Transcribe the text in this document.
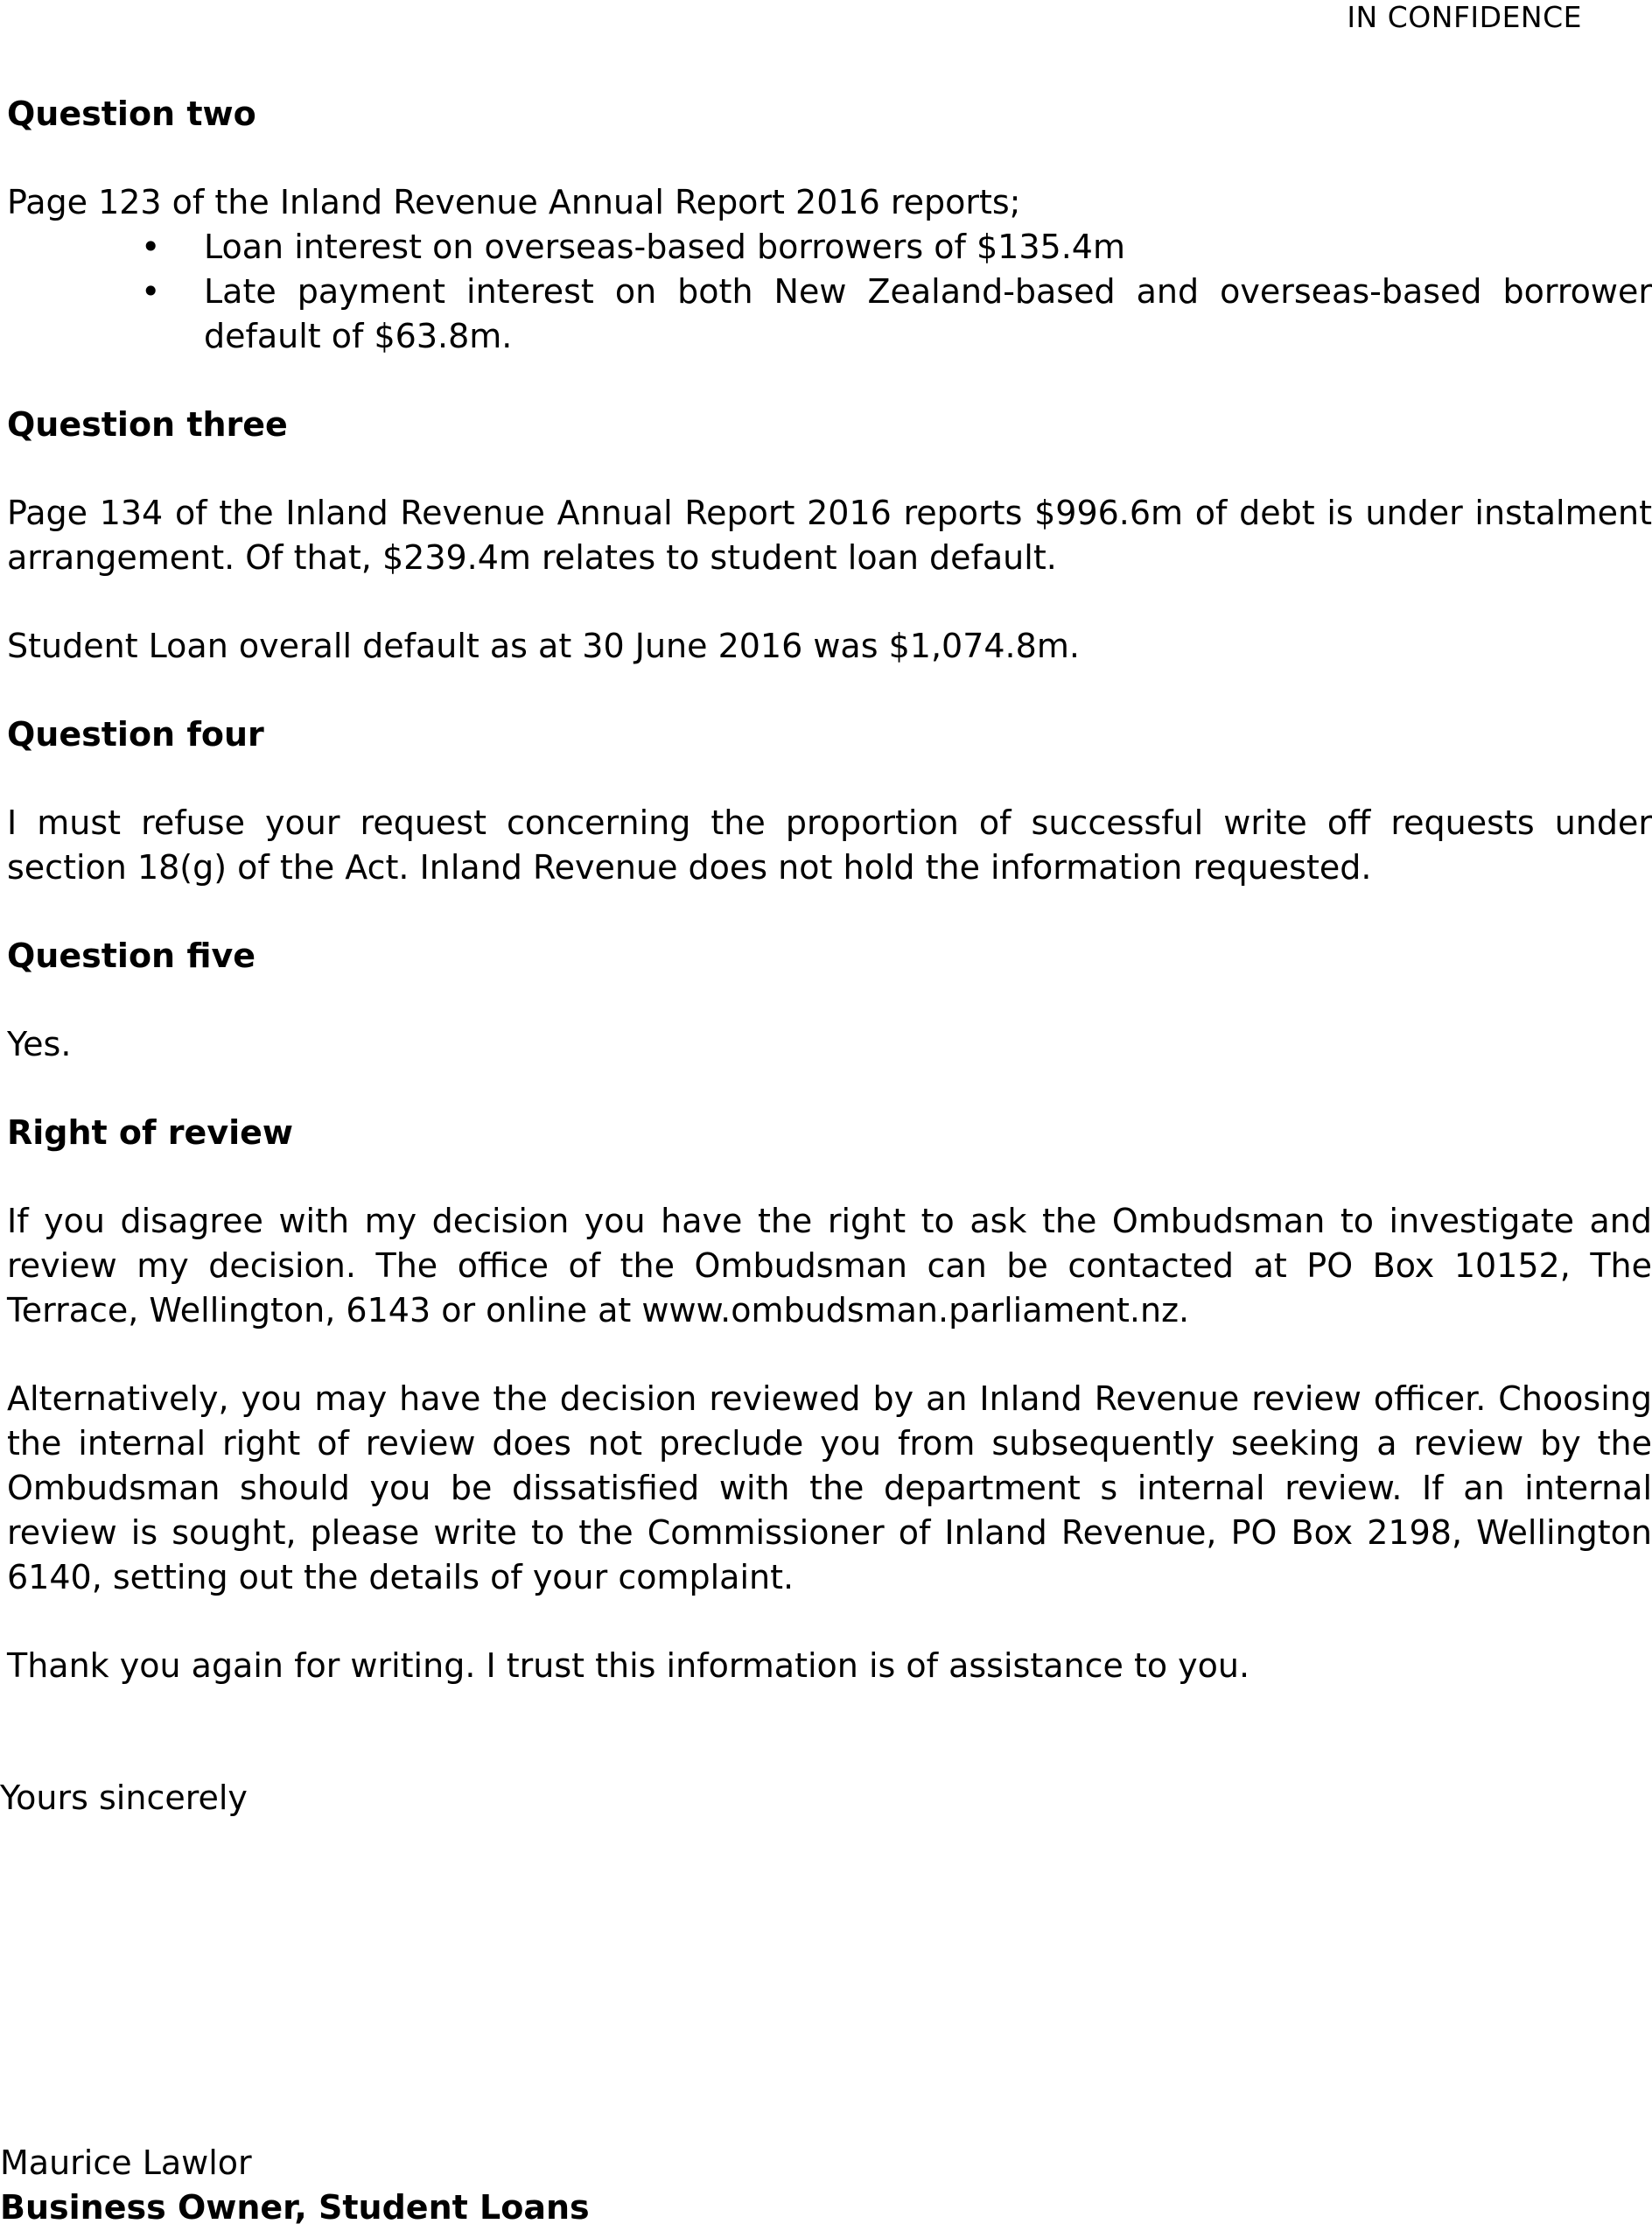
IN CONFIDENCE
Question two
Page 123 of the Inland Revenue Annual Report 2016 reports;
• Loan interest on overseas-based borrowers of $135.4m
• Late payment interest on both New Zealand-based and overseas-based borrower default of $63.8m.
Question three
Page 134 of the Inland Revenue Annual Report 2016 reports $996.6m of debt is under instalment arrangement. Of that, $239.4m relates to student loan default.
Student Loan overall default as at 30 June 2016 was $1,074.8m.
Question four
I must refuse your request concerning the proportion of successful write off requests under section 18(g) of the Act. Inland Revenue does not hold the information requested.
Question five
Yes.
Right of review
If you disagree with my decision you have the right to ask the Ombudsman to investigate and review my decision. The office of the Ombudsman can be contacted at PO Box 10152, The Terrace, Wellington, 6143 or online at www.ombudsman.parliament.nz.
Alternatively, you may have the decision reviewed by an Inland Revenue review officer. Choosing the internal right of review does not preclude you from subsequently seeking a review by the Ombudsman should you be dissatisfied with the department s internal review. If an internal review is sought, please write to the Commissioner of Inland Revenue, PO Box 2198, Wellington 6140, setting out the details of your complaint.
Thank you again for writing. I trust this information is of assistance to you.
Yours sincerely
Maurice Lawlor
Business Owner, Student Loans
